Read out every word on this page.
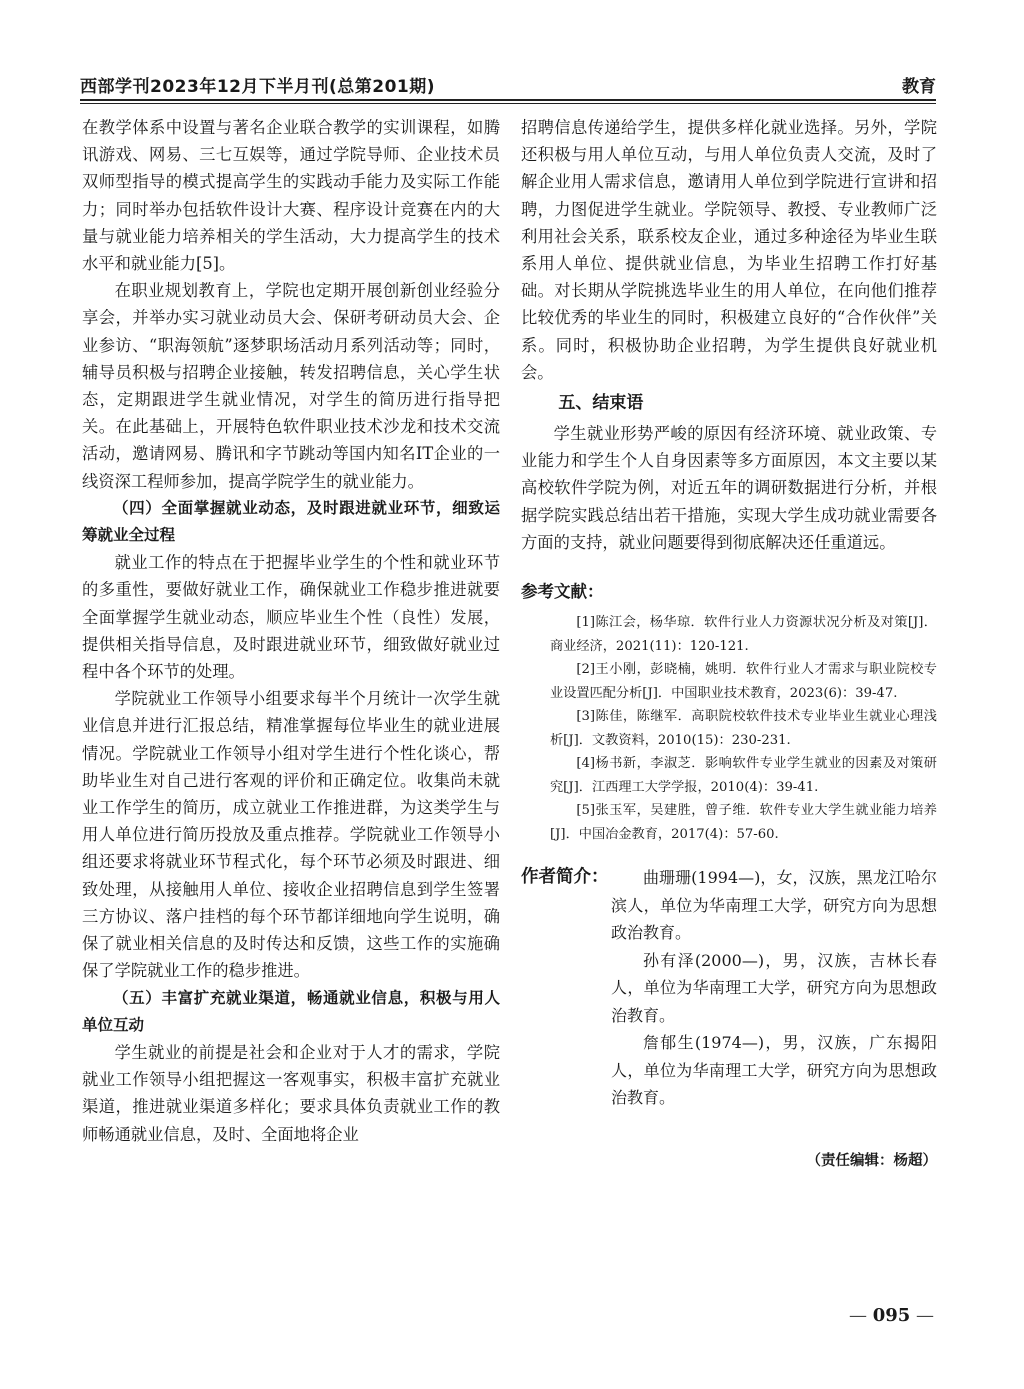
西部学刊2023年12月下半月刊(总第201期)	教育

在教学体系中设置与著名企业联合教学的实训课程，如腾讯游戏、网易、三七互娱等，通过学院导师、企业技术员双师型指导的模式提高学生的实践动手能力及实际工作能力；同时举办包括软件设计大赛、程序设计竞赛在内的大量与就业能力培养相关的学生活动，大力提高学生的技术水平和就业能力[5]。

在职业规划教育上，学院也定期开展创新创业经验分享会，并举办实习就业动员大会、保研考研动员大会、企业参访、“职海领航”逐梦职场活动月系列活动等；同时，辅导员积极与招聘企业接触，转发招聘信息，关心学生状态，定期跟进学生就业情况，对学生的简历进行指导把关。在此基础上，开展特色软件职业技术沙龙和技术交流活动，邀请网易、腾讯和字节跳动等国内知名IT企业的一线资深工程师参加，提高学院学生的就业能力。

（四）全面掌握就业动态，及时跟进就业环节，细致运筹就业全过程

就业工作的特点在于把握毕业学生的个性和就业环节的多重性，要做好就业工作，确保就业工作稳步推进就要全面掌握学生就业动态，顺应毕业生个性（良性）发展，提供相关指导信息，及时跟进就业环节，细致做好就业过程中各个环节的处理。

学院就业工作领导小组要求每半个月统计一次学生就业信息并进行汇报总结，精准掌握每位毕业生的就业进展情况。学院就业工作领导小组对学生进行个性化谈心，帮助毕业生对自己进行客观的评价和正确定位。收集尚未就业工作学生的简历，成立就业工作推进群，为这类学生与用人单位进行简历投放及重点推荐。学院就业工作领导小组还要求将就业环节程式化，每个环节必须及时跟进、细致处理，从接触用人单位、接收企业招聘信息到学生签署三方协议、落户挂档的每个环节都详细地向学生说明，确保了就业相关信息的及时传达和反馈，这些工作的实施确保了学院就业工作的稳步推进。

（五）丰富扩充就业渠道，畅通就业信息，积极与用人单位互动

学生就业的前提是社会和企业对于人才的需求，学院就业工作领导小组把握这一客观事实，积极丰富扩充就业渠道，推进就业渠道多样化；要求具体负责就业工作的教师畅通就业信息，及时、全面地将企业

招聘信息传递给学生，提供多样化就业选择。另外，学院还积极与用人单位互动，与用人单位负责人交流，及时了解企业用人需求信息，邀请用人单位到学院进行宣讲和招聘，力图促进学生就业。学院领导、教授、专业教师广泛利用社会关系，联系校友企业，通过多种途径为毕业生联系用人单位、提供就业信息，为毕业生招聘工作打好基础。对长期从学院挑选毕业生的用人单位，在向他们推荐比较优秀的毕业生的同时，积极建立良好的“合作伙伴”关系。同时，积极协助企业招聘，为学生提供良好就业机会。

五、结束语

学生就业形势严峻的原因有经济环境、就业政策、专业能力和学生个人自身因素等多方面原因，本文主要以某高校软件学院为例，对近五年的调研数据进行分析，并根据学院实践总结出若干措施，实现大学生成功就业需要各方面的支持，就业问题要得到彻底解决还任重道远。

参考文献：

[1]陈江会，杨华琼．软件行业人力资源状况分析及对策[J]．商业经济，2021(11)：120-121.

[2]王小刚，彭晓楠，姚明．软件行业人才需求与职业院校专业设置匹配分析[J]．中国职业技术教育，2023(6)：39-47.

[3]陈佳，陈继军．高职院校软件技术专业毕业生就业心理浅析[J]．文教资料，2010(15)：230-231.

[4]杨书新，李淑芝．影响软件专业学生就业的因素及对策研究[J]．江西理工大学学报，2010(4)：39-41.

[5]张玉军，吴建胜，曾子维．软件专业大学生就业能力培养[J]．中国冶金教育，2017(4)：57-60.

作者简介：	曲珊珊(1994—)，女，汉族，黑龙江哈尔滨人，单位为华南理工大学，研究方向为思想政治教育。

孙有泽(2000—)，男，汉族，吉林长春人，单位为华南理工大学，研究方向为思想政治教育。

詹郁生(1974—)，男，汉族，广东揭阳人，单位为华南理工大学，研究方向为思想政治教育。

（责任编辑：杨超）
— 095 —
